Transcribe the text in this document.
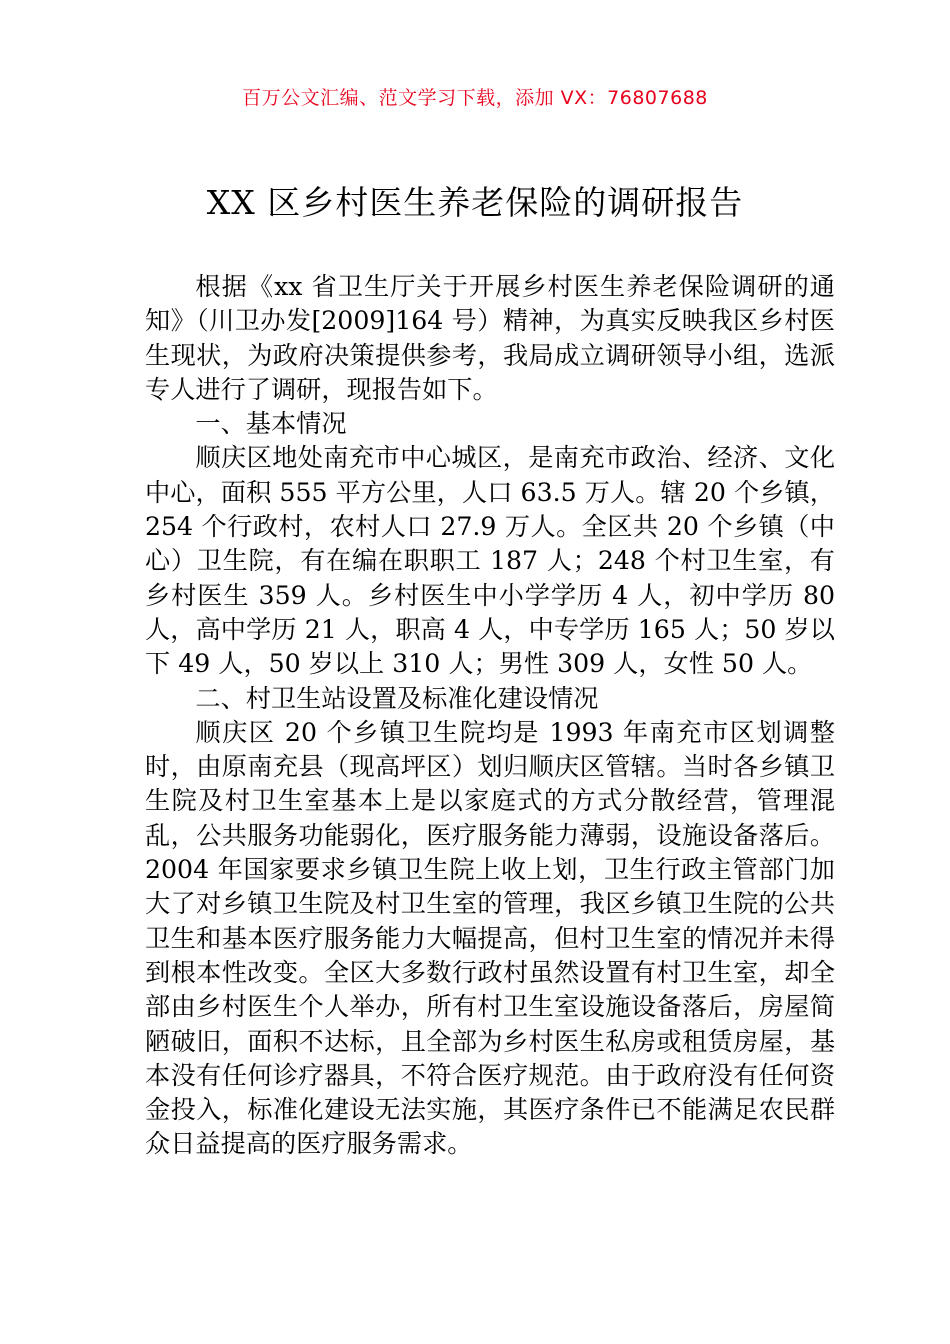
百万公文汇编、范文学习下载，添加 VX：76807688
XX 区乡村医生养老保险的调研报告

根据《xx 省卫生厅关于开展乡村医生养老保险调研的通知》（川卫办发[2009]164 号）精神，为真实反映我区乡村医生现状，为政府决策提供参考，我局成立调研领导小组，选派专人进行了调研，现报告如下。

一、基本情况

顺庆区地处南充市中心城区，是南充市政治、经济、文化中心，面积 555 平方公里，人口 63.5 万人。辖 20 个乡镇，254 个行政村，农村人口 27.9 万人。全区共 20 个乡镇（中心）卫生院，有在编在职职工 187 人；248 个村卫生室，有乡村医生 359 人。乡村医生中小学学历 4 人，初中学历 80 人，高中学历 21 人，职高 4 人，中专学历 165 人；50 岁以下 49 人，50 岁以上 310 人；男性 309 人，女性 50 人。

二、村卫生站设置及标准化建设情况

顺庆区 20 个乡镇卫生院均是 1993 年南充市区划调整时，由原南充县（现高坪区）划归顺庆区管辖。当时各乡镇卫生院及村卫生室基本上是以家庭式的方式分散经营，管理混乱，公共服务功能弱化，医疗服务能力薄弱，设施设备落后。2004 年国家要求乡镇卫生院上收上划，卫生行政主管部门加大了对乡镇卫生院及村卫生室的管理，我区乡镇卫生院的公共卫生和基本医疗服务能力大幅提高，但村卫生室的情况并未得到根本性改变。全区大多数行政村虽然设置有村卫生室，却全部由乡村医生个人举办，所有村卫生室设施设备落后，房屋简陋破旧，面积不达标，且全部为乡村医生私房或租赁房屋，基本没有任何诊疗器具，不符合医疗规范。由于政府没有任何资金投入，标准化建设无法实施，其医疗条件已不能满足农民群众日益提高的医疗服务需求。
